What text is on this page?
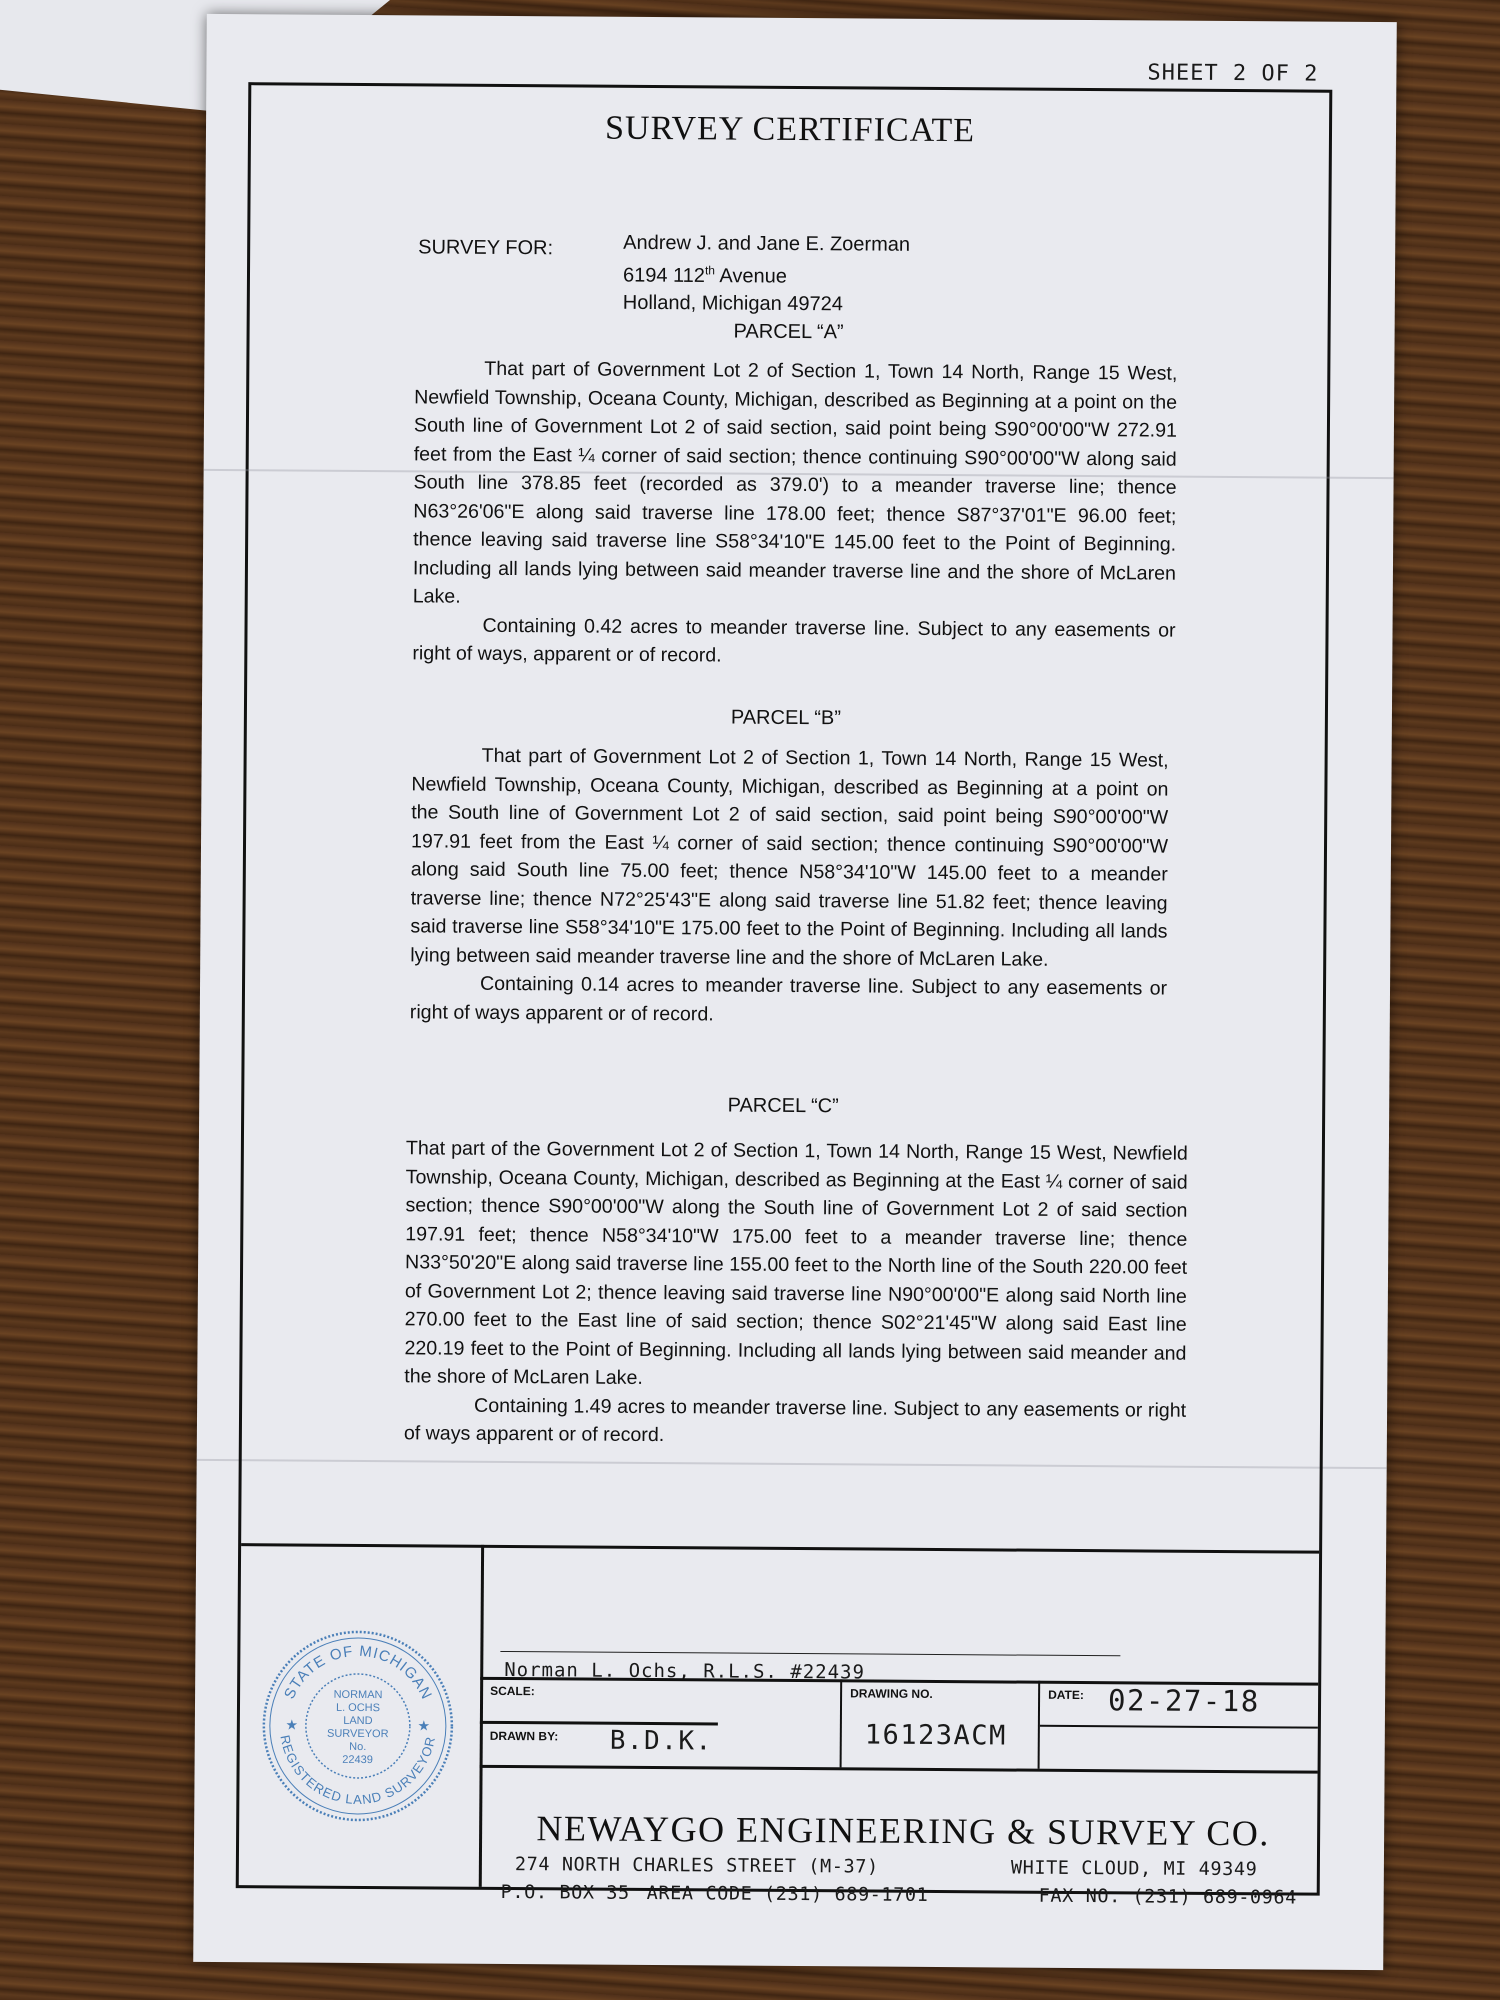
SHEET 2 OF 2
SURVEY CERTIFICATE
SURVEY FOR:	Andrew J. and Jane E. Zoerman
6194 112th Avenue
Holland, Michigan 49724
PARCEL “A”

That part of Government Lot 2 of Section 1, Town 14 North, Range 15 West, Newfield Township, Oceana County, Michigan, described as Beginning at a point on the South line of Government Lot 2 of said section, said point being S90°00'00"W 272.91 feet from the East ¼ corner of said section; thence continuing S90°00'00"W along said South line 378.85 feet (recorded as 379.0') to a meander traverse line; thence N63°26'06"E along said traverse line 178.00 feet; thence S87°37'01"E 96.00 feet; thence leaving said traverse line S58°34'10"E 145.00 feet to the Point of Beginning. Including all lands lying between said meander traverse line and the shore of McLaren Lake.

Containing 0.42 acres to meander traverse line. Subject to any easements or right of ways, apparent or of record.

PARCEL “B”

That part of Government Lot 2 of Section 1, Town 14 North, Range 15 West, Newfield Township, Oceana County, Michigan, described as Beginning at a point on the South line of Government Lot 2 of said section, said point being S90°00'00"W 197.91 feet from the East ¼ corner of said section; thence continuing S90°00'00"W along said South line 75.00 feet; thence N58°34'10"W 145.00 feet to a meander traverse line; thence N72°25'43"E along said traverse line 51.82 feet; thence leaving said traverse line S58°34'10"E 175.00 feet to the Point of Beginning. Including all lands lying between said meander traverse line and the shore of McLaren Lake.

Containing 0.14 acres to meander traverse line. Subject to any easements or right of ways apparent or of record.

PARCEL “C”

That part of the Government Lot 2 of Section 1, Town 14 North, Range 15 West, Newfield Township, Oceana County, Michigan, described as Beginning at the East ¼ corner of said section; thence S90°00'00"W along the South line of Government Lot 2 of said section 197.91 feet; thence N58°34'10"W 175.00 feet to a meander traverse line; thence N33°50'20"E along said traverse line 155.00 feet to the North line of the South 220.00 feet of Government Lot 2; thence leaving said traverse line N90°00'00"E along said North line 270.00 feet to the East line of said section; thence S02°21'45"W along said East line 220.19 feet to the Point of Beginning. Including all lands lying between said meander and the shore of McLaren Lake.

Containing 1.49 acres to meander traverse line. Subject to any easements or right of ways apparent or of record.

Norman L. Ochs, R.L.S. #22439
SCALE:
DRAWN BY: B.D.K.
DRAWING NO.
16123ACM
DATE: 02-27-18
NEWAYGO ENGINEERING & SURVEY CO.
274 NORTH CHARLES STREET (M-37)	WHITE CLOUD, MI 49349
P.O. BOX 35 AREA CODE (231) 689-1701	FAX NO. (231) 689-0964
STATE OF MICHIGAN
REGISTERED LAND SURVEYOR
NORMAN
L. OCHS
LAND
SURVEYOR
No.
22439
★	★
